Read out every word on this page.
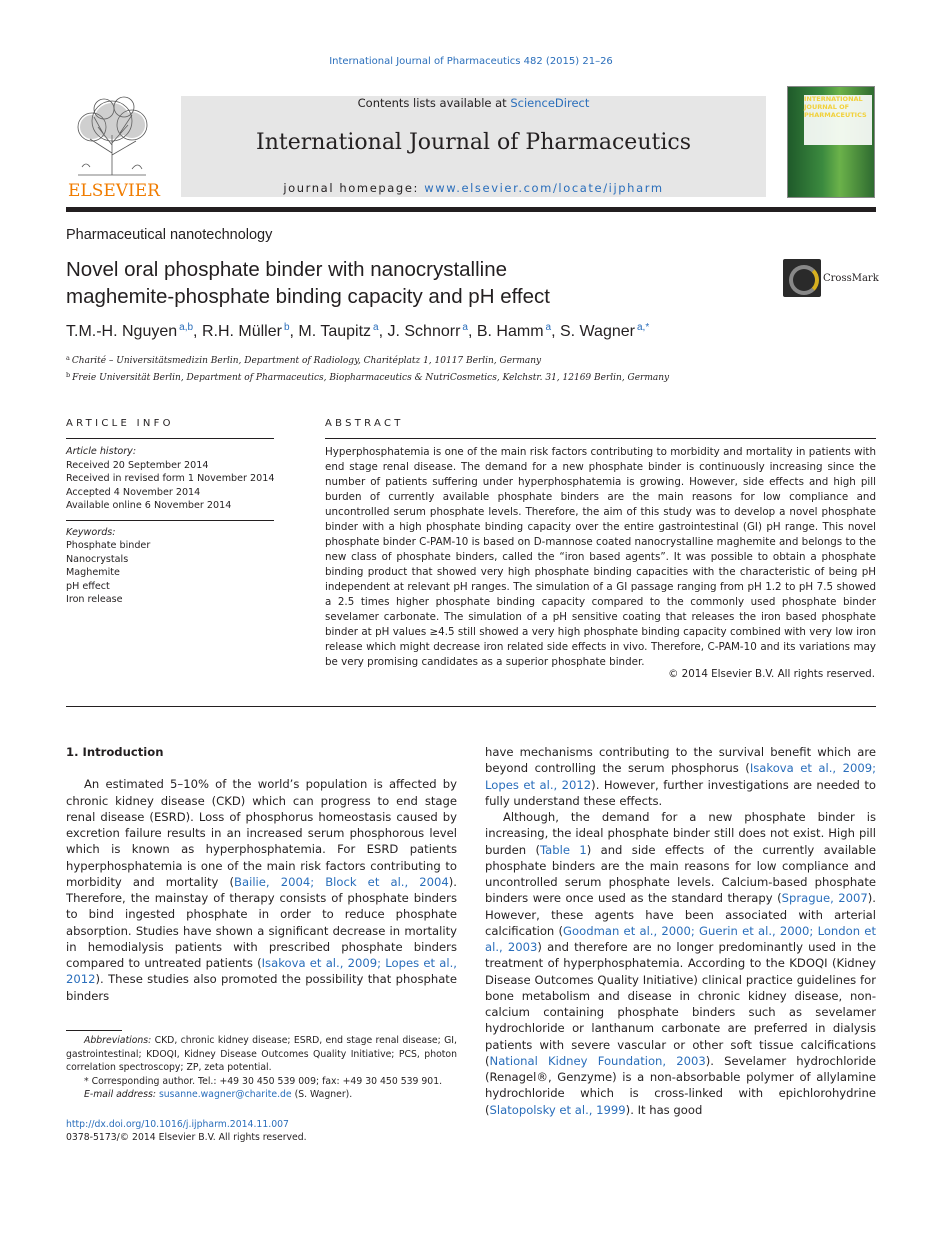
International Journal of Pharmaceutics 482 (2015) 21–26
ELSEVIER
Contents lists available at ScienceDirect
International Journal of Pharmaceutics
journal homepage: www.elsevier.com/locate/ijpharm
INTERNATIONAL JOURNAL OF PHARMACEUTICS
Pharmaceutical nanotechnology
Novel oral phosphate binder with nanocrystalline
maghemite-phosphate binding capacity and pH effect
CrossMark
T.M.-H. Nguyen $^{a,b}$, R.H. Müller $^b$, M. Taupitz $^a$, J. Schnorr $^a$, B. Hamm $^a$, S. Wagner $^{a,*}$
$^a$ Charité – Universitätsmedizin Berlin, Department of Radiology, Charitéplatz 1, 10117 Berlin, Germany
$^b$ Freie Universität Berlin, Department of Pharmaceutics, Biopharmaceutics & NutriCosmetics, Kelchstr. 31, 12169 Berlin, Germany
ARTICLE INFO	ABSTRACT
Article history:
Received 20 September 2014
Received in revised form 1 November 2014
Accepted 4 November 2014
Available online 6 November 2014
Keywords:
Phosphate binder
Nanocrystals
Maghemite
pH effect
Iron release
Hyperphosphatemia is one of the main risk factors contributing to morbidity and mortality in patients with end stage renal disease. The demand for a new phosphate binder is continuously increasing since the number of patients suffering under hyperphosphatemia is growing. However, side effects and high pill burden of currently available phosphate binders are the main reasons for low compliance and uncontrolled serum phosphate levels. Therefore, the aim of this study was to develop a novel phosphate binder with a high phosphate binding capacity over the entire gastrointestinal (GI) pH range. This novel phosphate binder C-PAM-10 is based on D-mannose coated nanocrystalline maghemite and belongs to the new class of phosphate binders, called the “iron based agents”. It was possible to obtain a phosphate binding product that showed very high phosphate binding capacities with the characteristic of being pH independent at relevant pH ranges. The simulation of a GI passage ranging from pH 1.2 to pH 7.5 showed a 2.5 times higher phosphate binding capacity compared to the commonly used phosphate binder sevelamer carbonate. The simulation of a pH sensitive coating that releases the iron based phosphate binder at pH values ≥4.5 still showed a very high phosphate binding capacity combined with very low iron release which might decrease iron related side effects in vivo. Therefore, C-PAM-10 and its variations may be very promising candidates as a superior phosphate binder.
© 2014 Elsevier B.V. All rights reserved.

1. Introduction

An estimated 5–10% of the world’s population is affected by chronic kidney disease (CKD) which can progress to end stage renal disease (ESRD). Loss of phosphorus homeostasis caused by excretion failure results in an increased serum phosphorous level which is known as hyperphosphatemia. For ESRD patients hyperphosphatemia is one of the main risk factors contributing to morbidity and mortality (Bailie, 2004; Block et al., 2004). Therefore, the mainstay of therapy consists of phosphate binders to bind ingested phosphate in order to reduce phosphate absorption. Studies have shown a significant decrease in mortality in hemodialysis patients with prescribed phosphate binders compared to untreated patients (Isakova et al., 2009; Lopes et al., 2012). These studies also promoted the possibility that phosphate binders

have mechanisms contributing to the survival benefit which are beyond controlling the serum phosphorus (Isakova et al., 2009; Lopes et al., 2012). However, further investigations are needed to fully understand these effects.

Although, the demand for a new phosphate binder is increasing, the ideal phosphate binder still does not exist. High pill burden (Table 1) and side effects of the currently available phosphate binders are the main reasons for low compliance and uncontrolled serum phosphate levels. Calcium-based phosphate binders were once used as the standard therapy (Sprague, 2007). However, these agents have been associated with arterial calcification (Goodman et al., 2000; Guerin et al., 2000; London et al., 2003) and therefore are no longer predominantly used in the treatment of hyperphosphatemia. According to the KDOQI (Kidney Disease Outcomes Quality Initiative) clinical practice guidelines for bone metabolism and disease in chronic kidney disease, non-calcium containing phosphate binders such as sevelamer hydrochloride or lanthanum carbonate are preferred in dialysis patients with severe vascular or other soft tissue calcifications (National Kidney Foundation, 2003). Sevelamer hydrochloride (Renagel®, Genzyme) is a non-absorbable polymer of allylamine hydrochloride which is cross-linked with epichlorohydrine (Slatopolsky et al., 1999). It has good

Abbreviations: CKD, chronic kidney disease; ESRD, end stage renal disease; GI, gastrointestinal; KDOQI, Kidney Disease Outcomes Quality Initiative; PCS, photon correlation spectroscopy; ZP, zeta potential.

* Corresponding author. Tel.: +49 30 450 539 009; fax: +49 30 450 539 901.

E-mail address: susanne.wagner@charite.de (S. Wagner).

http://dx.doi.org/10.1016/j.ijpharm.2014.11.007
0378-5173/© 2014 Elsevier B.V. All rights reserved.
